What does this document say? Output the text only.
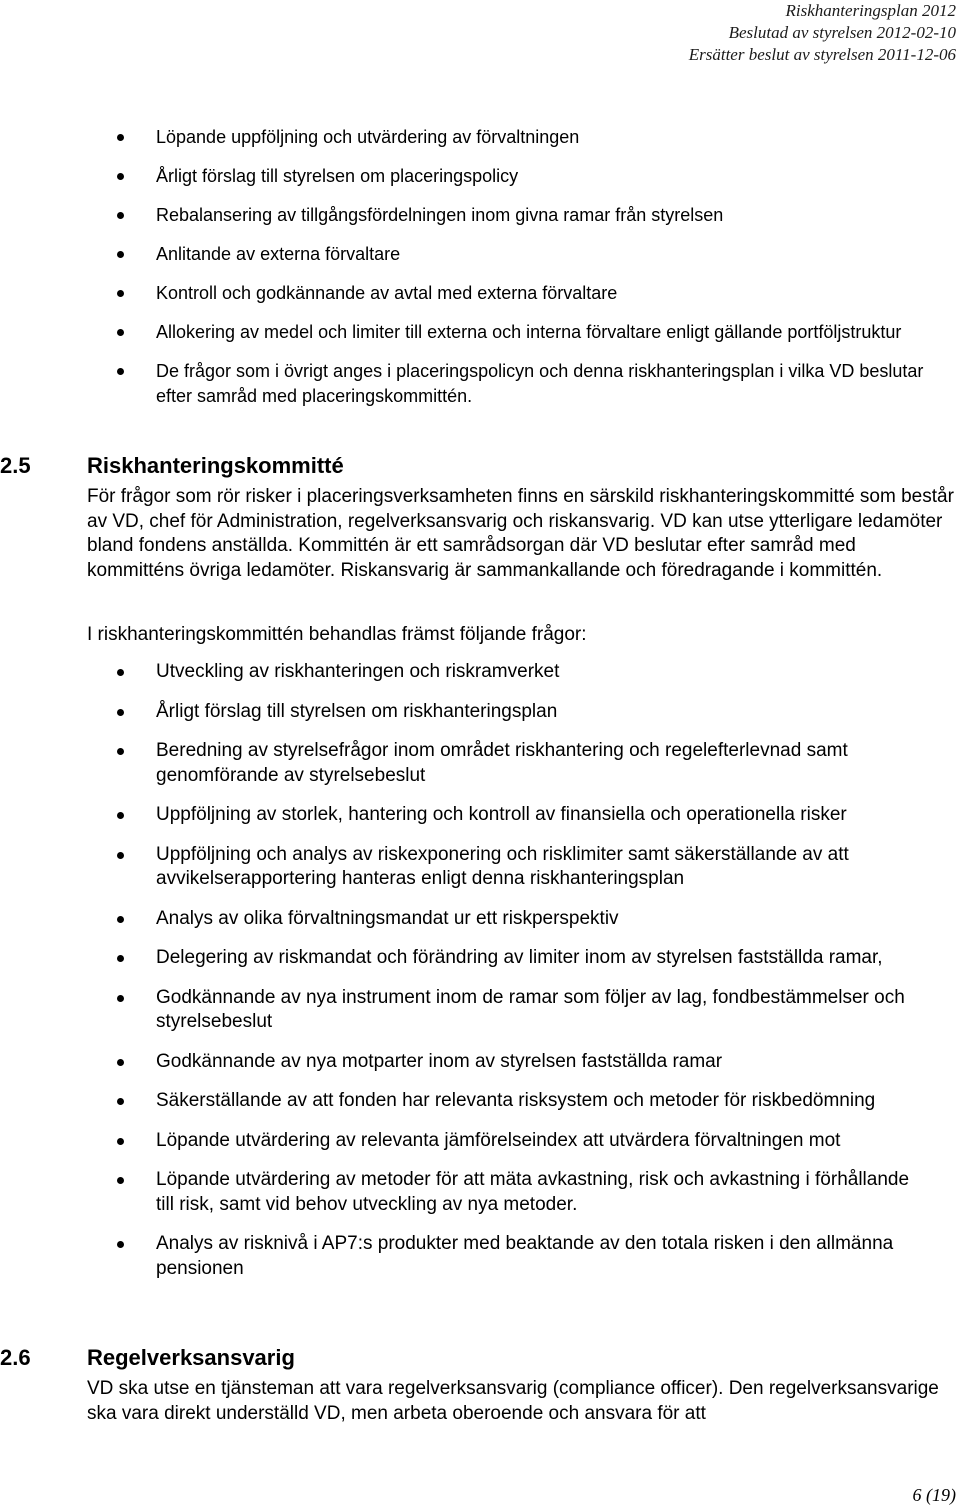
Riskhanteringsplan 2012
Beslutad av styrelsen 2012-02-10
Ersätter beslut av styrelsen 2011-12-06
Löpande uppföljning och utvärdering av förvaltningen
Årligt förslag till styrelsen om placeringspolicy
Rebalansering av tillgångsfördelningen inom givna ramar från styrelsen
Anlitande av externa förvaltare
Kontroll och godkännande av avtal med externa förvaltare
Allokering av medel och limiter till externa och interna förvaltare enligt gällande portföljstruktur
De frågor som i övrigt anges i placeringspolicyn och denna riskhanteringsplan i vilka VD beslutar efter samråd med placeringskommittén.
2.5	Riskhanteringskommitté
För frågor som rör risker i placeringsverksamheten finns en särskild riskhanteringskommitté som består av VD, chef för Administration, regelverksansvarig och riskansvarig. VD kan utse ytterligare ledamöter bland fondens anställda. Kommittén är ett samrådsorgan där VD beslutar efter samråd med kommitténs övriga ledamöter. Riskansvarig är sammankallande och föredragande i kommittén.
I riskhanteringskommittén behandlas främst följande frågor:
Utveckling av riskhanteringen och riskramverket
Årligt förslag till styrelsen om riskhanteringsplan
Beredning av styrelsefrågor inom området riskhantering och regelefterlevnad samt genomförande av styrelsebeslut
Uppföljning av storlek, hantering och kontroll av finansiella och operationella risker
Uppföljning och analys av riskexponering och risklimiter samt säkerställande av att avvikelserapportering hanteras enligt denna riskhanteringsplan
Analys av olika förvaltningsmandat ur ett riskperspektiv
Delegering av riskmandat och förändring av limiter inom av styrelsen fastställda ramar,
Godkännande av nya instrument inom de ramar som följer av lag, fondbestämmelser och styrelsebeslut
Godkännande av nya motparter inom av styrelsen fastställda ramar
Säkerställande av att fonden har relevanta risksystem och metoder för riskbedömning
Löpande utvärdering av relevanta jämförelseindex att utvärdera förvaltningen mot
Löpande utvärdering av metoder för att mäta avkastning, risk och avkastning i förhållande till risk, samt vid behov utveckling av nya metoder.
Analys av risknivå i AP7:s produkter med beaktande av den totala risken i den allmänna pensionen
2.6	Regelverksansvarig
VD ska utse en tjänsteman att vara regelverksansvarig (compliance officer). Den regelverksansvarige ska vara direkt underställd VD, men arbeta oberoende och ansvara för att
6 (19)
